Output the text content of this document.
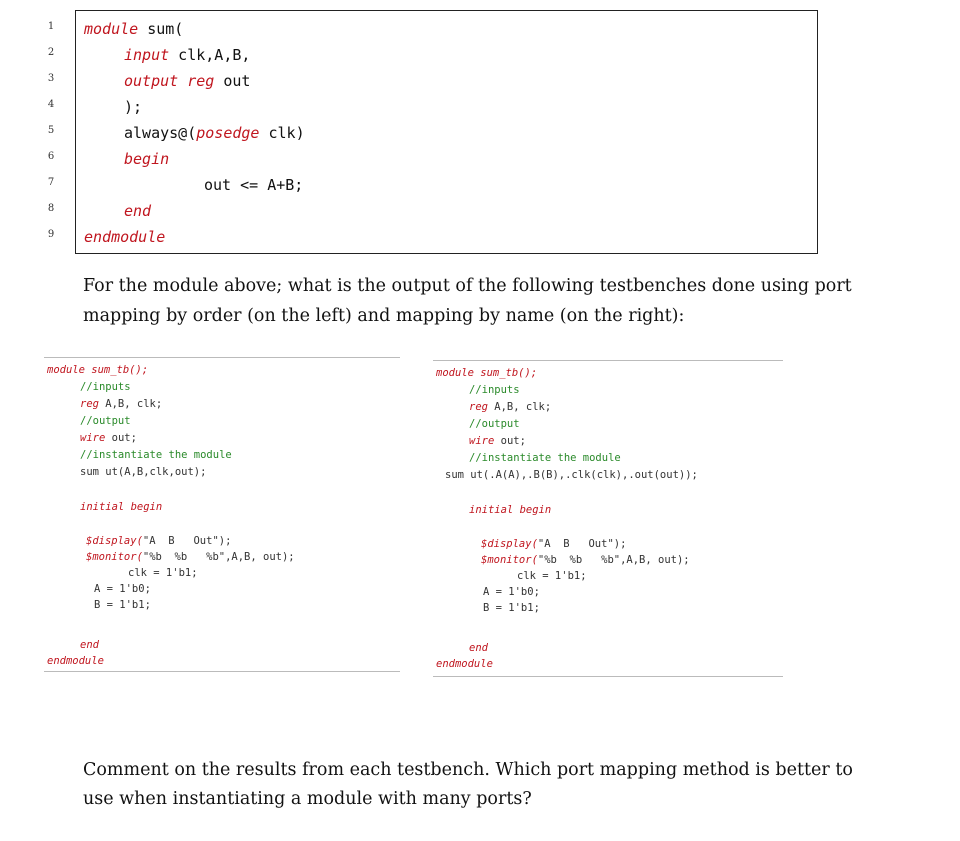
1
2
3
4
5
6
7
8
9
module sum(
input clk,A,B,
output reg out
);
always@(posedge clk)
begin
out <= A+B;
end
endmodule
For the module above; what is the output of the following testbenches done using port
mapping by order (on the left) and mapping by name (on the right):
module sum_tb();
//inputs
reg A,B, clk;
//output
wire out;
//instantiate the module
sum ut(A,B,clk,out);
initial begin
$display("A  B   Out");
$monitor("%b  %b   %b",A,B, out);
clk = 1'b1;
A = 1'b0;
B = 1'b1;
end
endmodule
module sum_tb();
//inputs
reg A,B, clk;
//output
wire out;
//instantiate the module
sum ut(.A(A),.B(B),.clk(clk),.out(out));
initial begin
$display("A  B   Out");
$monitor("%b  %b   %b",A,B, out);
clk = 1'b1;
A = 1'b0;
B = 1'b1;
end
endmodule
Comment on the results from each testbench. Which port mapping method is better to
use when instantiating a module with many ports?
